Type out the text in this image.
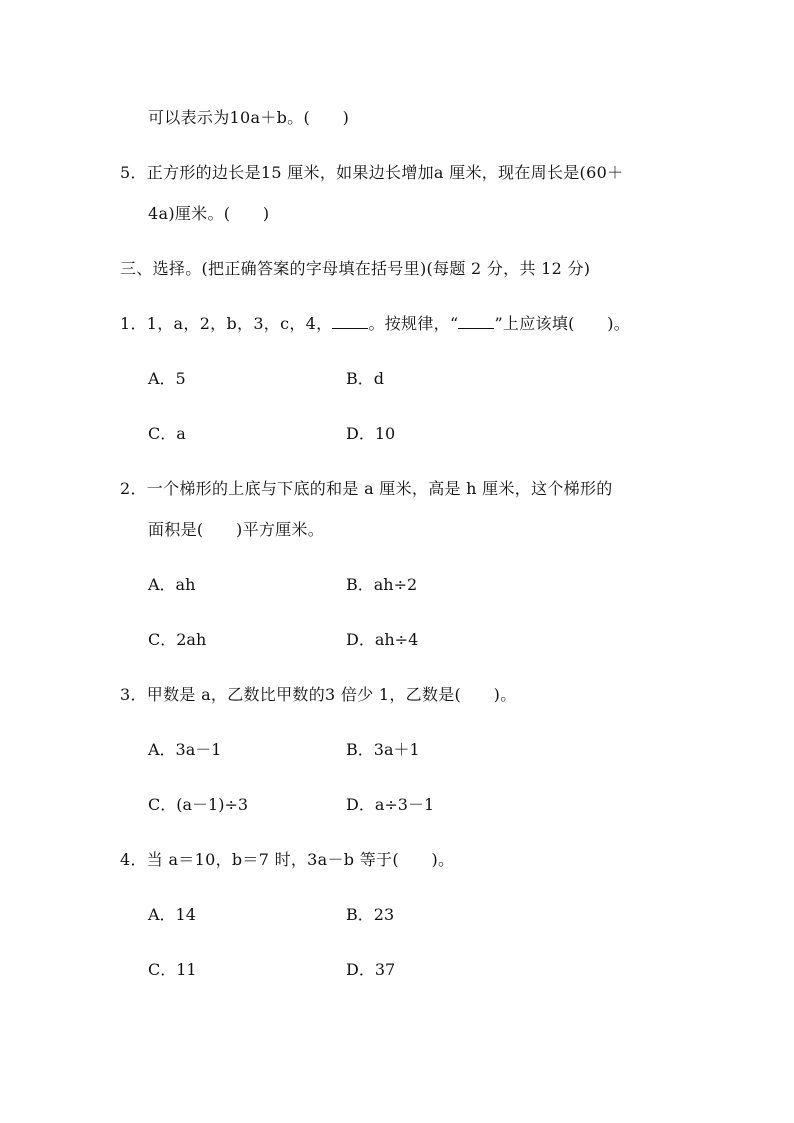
可以表示为10a＋b。(　　)
5．正方形的边长是15 厘米，如果边长增加a 厘米，现在周长是(60＋
4a)厘米。(　　)
三、选择。(把正确答案的字母填在括号里)(每题 2 分，共 12 分)
1．1，a，2，b，3，c，4， 。按规律，“ ”上应该填(　　)。
A．5	B．d
C．a	D．10
2．一个梯形的上底与下底的和是 a 厘米，高是 h 厘米，这个梯形的
面积是(　　)平方厘米。
A．ah	B．ah÷2
C．2ah	D．ah÷4
3．甲数是 a，乙数比甲数的3 倍少 1，乙数是(　　)。
A．3a－1	B．3a＋1
C．(a－1)÷3	D．a÷3－1
4．当 a＝10，b＝7 时，3a－b 等于(　　)。
A．14	B．23
C．11	D．37
